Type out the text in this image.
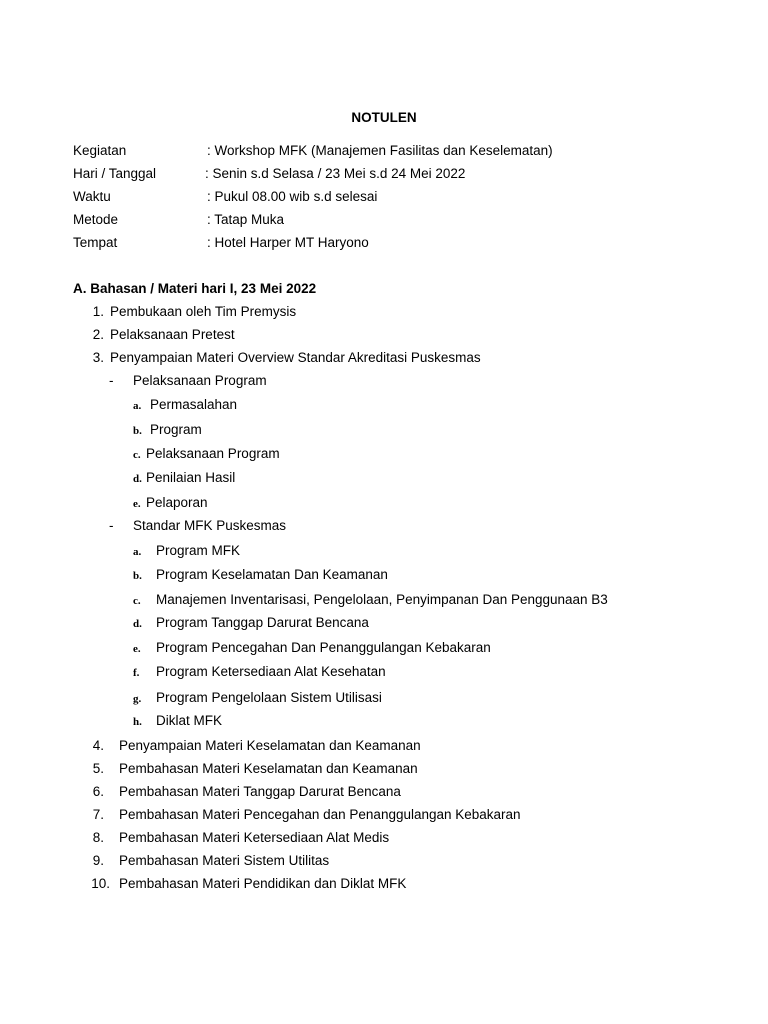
NOTULEN
Kegiatan	: Workshop MFK (Manajemen Fasilitas dan Keselematan)
Hari / Tanggal	: Senin s.d Selasa / 23 Mei s.d 24 Mei 2022
Waktu	: Pukul 08.00 wib s.d selesai
Metode	: Tatap Muka
Tempat	: Hotel Harper MT Haryono
A. Bahasan / Materi hari I, 23 Mei 2022
1. Pembukaan oleh Tim Premysis
2. Pelaksanaan Pretest
3. Penyampaian Materi Overview Standar Akreditasi Puskesmas
- Pelaksanaan Program
a. Permasalahan
b. Program
c. Pelaksanaan Program
d. Penilaian Hasil
e. Pelaporan
- Standar MFK Puskesmas
a. Program MFK
b. Program Keselamatan Dan Keamanan
c. Manajemen Inventarisasi, Pengelolaan, Penyimpanan Dan Penggunaan B3
d. Program Tanggap Darurat Bencana
e. Program Pencegahan Dan Penanggulangan Kebakaran
f. Program Ketersediaan Alat Kesehatan
g. Program Pengelolaan Sistem Utilisasi
h. Diklat MFK
4. Penyampaian Materi Keselamatan dan Keamanan
5. Pembahasan Materi Keselamatan dan Keamanan
6. Pembahasan Materi Tanggap Darurat Bencana
7. Pembahasan Materi Pencegahan dan Penanggulangan Kebakaran
8. Pembahasan Materi Ketersediaan Alat Medis
9. Pembahasan Materi Sistem Utilitas
10. Pembahasan Materi Pendidikan dan Diklat MFK
